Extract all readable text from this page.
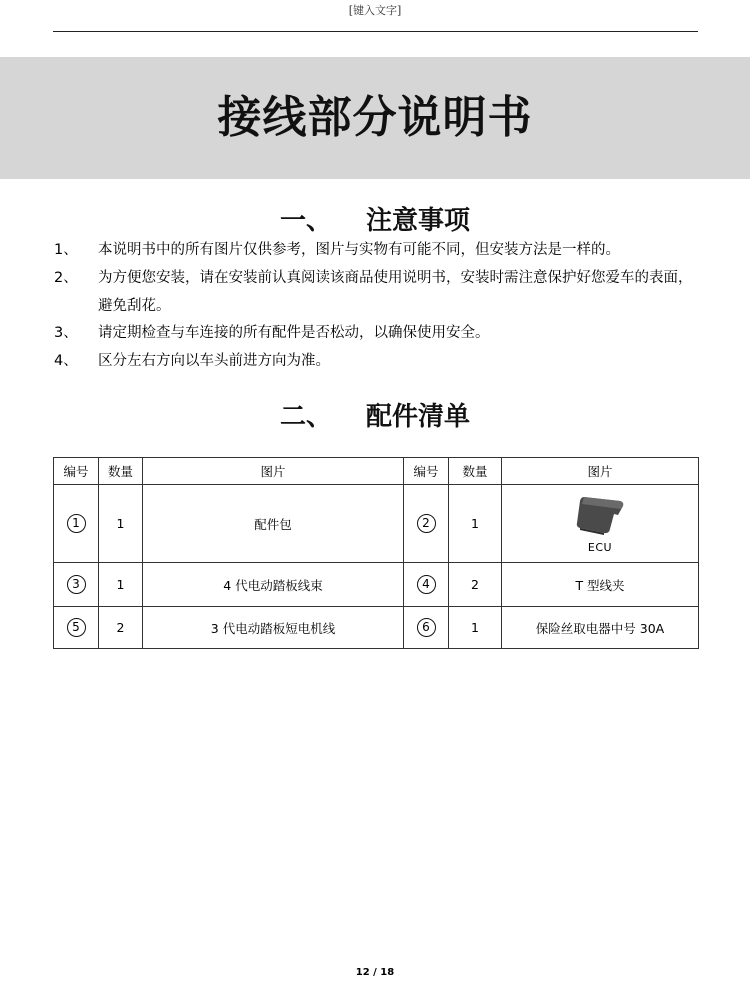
[键入文字]
接线部分说明书
一、 注意事项
1、 本说明书中的所有图片仅供参考，图片与实物有可能不同，但安装方法是一样的。
2、 为方便您安装，请在安装前认真阅读该商品使用说明书，安装时需注意保护好您爱车的表面，
避免刮花。
3、 请定期检查与车连接的所有配件是否松动，以确保使用安全。
4、 区分左右方向以车头前进方向为准。
二、 配件清单
编号	数量	图片	编号	数量	图片
1	1	配件包	2	1	ECU

3	1	4 代电动踏板线束	4	2	T 型线夹
5	2	3 代电动踏板短电机线	6	1	保险丝取电器中号 30A
12 / 18
